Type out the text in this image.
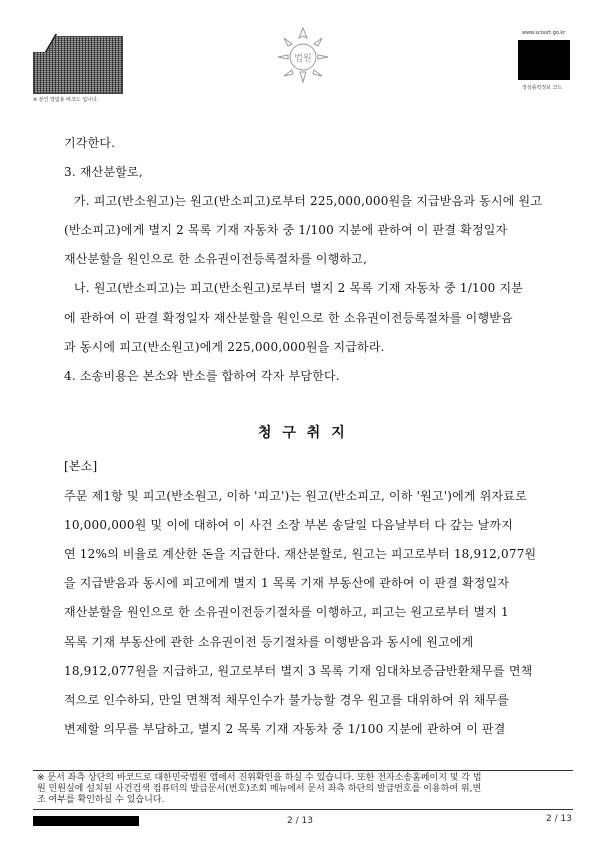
※ 본인 열람용 바코드 입니다.
법원
www.scourt.go.kr
정상출력정보 코드
기각한다.
3. 재산분할로,
가. 피고(반소원고)는 원고(반소피고)로부터 225,000,000원을 지급받음과 동시에 원고
(반소피고)에게 별지 2 목록 기재 자동차 중 1/100 지분에 관하여 이 판결 확정일자
재산분할을 원인으로 한 소유권이전등록절차를 이행하고,
나. 원고(반소피고)는 피고(반소원고)로부터 별지 2 목록 기재 자동차 중 1/100 지분
에 관하여 이 판결 확정일자 재산분할을 원인으로 한 소유권이전등록절차를 이행받음
과 동시에 피고(반소원고)에게 225,000,000원을 지급하라.
4. 소송비용은 본소와 반소를 합하여 각자 부담한다.
청 구 취 지
[본소]
주문 제1항 및 피고(반소원고, 이하 '피고')는 원고(반소피고, 이하 '원고')에게 위자료로
10,000,000원 및 이에 대하여 이 사건 소장 부본 송달일 다음날부터 다 갚는 날까지
연 12%의 비율로 계산한 돈을 지급한다. 재산분할로, 원고는 피고로부터 18,912,077원
을 지급받음과 동시에 피고에게 별지 1 목록 기재 부동산에 관하여 이 판결 확정일자
재산분할을 원인으로 한 소유권이전등기절차를 이행하고, 피고는 원고로부터 별지 1
목록 기재 부동산에 관한 소유권이전 등기절차를 이행받음과 동시에 원고에게
18,912,077원을 지급하고, 원고로부터 별지 3 목록 기재 임대차보증금반환채무를 면책
적으로 인수하되, 만일 면책적 채무인수가 불가능할 경우 원고를 대위하여 위 채무를
변제할 의무를 부담하고, 별지 2 목록 기재 자동차 중 1/100 지분에 관하여 이 판결
※ 문서 좌측 상단의 바코드로 대한민국법원 앱에서 진위확인을 하실 수 있습니다. 또한 전자소송홈페이지 및 각 법
원 민원실에 설치된 사건검색 컴퓨터의 발급문서(번호)조회 메뉴에서 문서 좌측 하단의 발급번호를 이용하여 위,변
조 여부를 확인하실 수 있습니다.
2 / 13	2 / 13
